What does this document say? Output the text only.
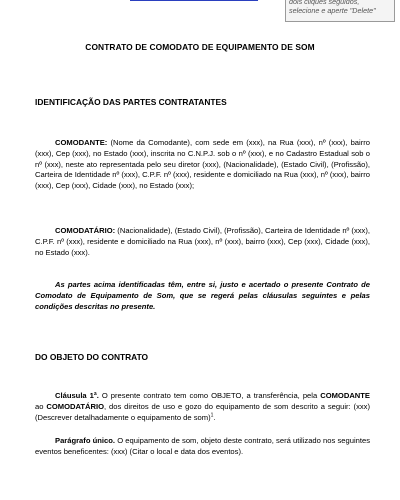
dois cliques seguidos,
selecione e aperte "Delete"
CONTRATO DE COMODATO DE EQUIPAMENTO DE SOM
IDENTIFICAÇÃO DAS PARTES CONTRATANTES
COMODANTE: (Nome da Comodante), com sede em (xxx), na Rua (xxx), nº (xxx), bairro (xxx), Cep (xxx), no Estado (xxx), inscrita no C.N.P.J. sob o nº (xxx), e no Cadastro Estadual sob o nº (xxx), neste ato representada pelo seu diretor (xxx), (Nacionalidade), (Estado Civil), (Profissão), Carteira de Identidade nº (xxx), C.P.F. nº (xxx), residente e domiciliado na Rua (xxx), nº (xxx), bairro (xxx), Cep (xxx), Cidade (xxx), no Estado (xxx);
COMODATÁRIO: (Nacionalidade), (Estado Civil), (Profissão), Carteira de Identidade nº (xxx), C.P.F. nº (xxx), residente e domiciliado na Rua (xxx), nº (xxx), bairro (xxx), Cep (xxx), Cidade (xxx), no Estado (xxx).
As partes acima identificadas têm, entre si, justo e acertado o presente Contrato de Comodato de Equipamento de Som, que se regerá pelas cláusulas seguintes e pelas condições descritas no presente.
DO OBJETO DO CONTRATO
Cláusula 1ª. O presente contrato tem como OBJETO, a transferência, pela COMODANTE ao COMODATÁRIO, dos direitos de uso e gozo do equipamento de som descrito a seguir: (xxx) (Descrever detalhadamente o equipamento de som)$^1$.
Parágrafo único. O equipamento de som, objeto deste contrato, será utilizado nos seguintes eventos beneficentes: (xxx) (Citar o local e data dos eventos).
